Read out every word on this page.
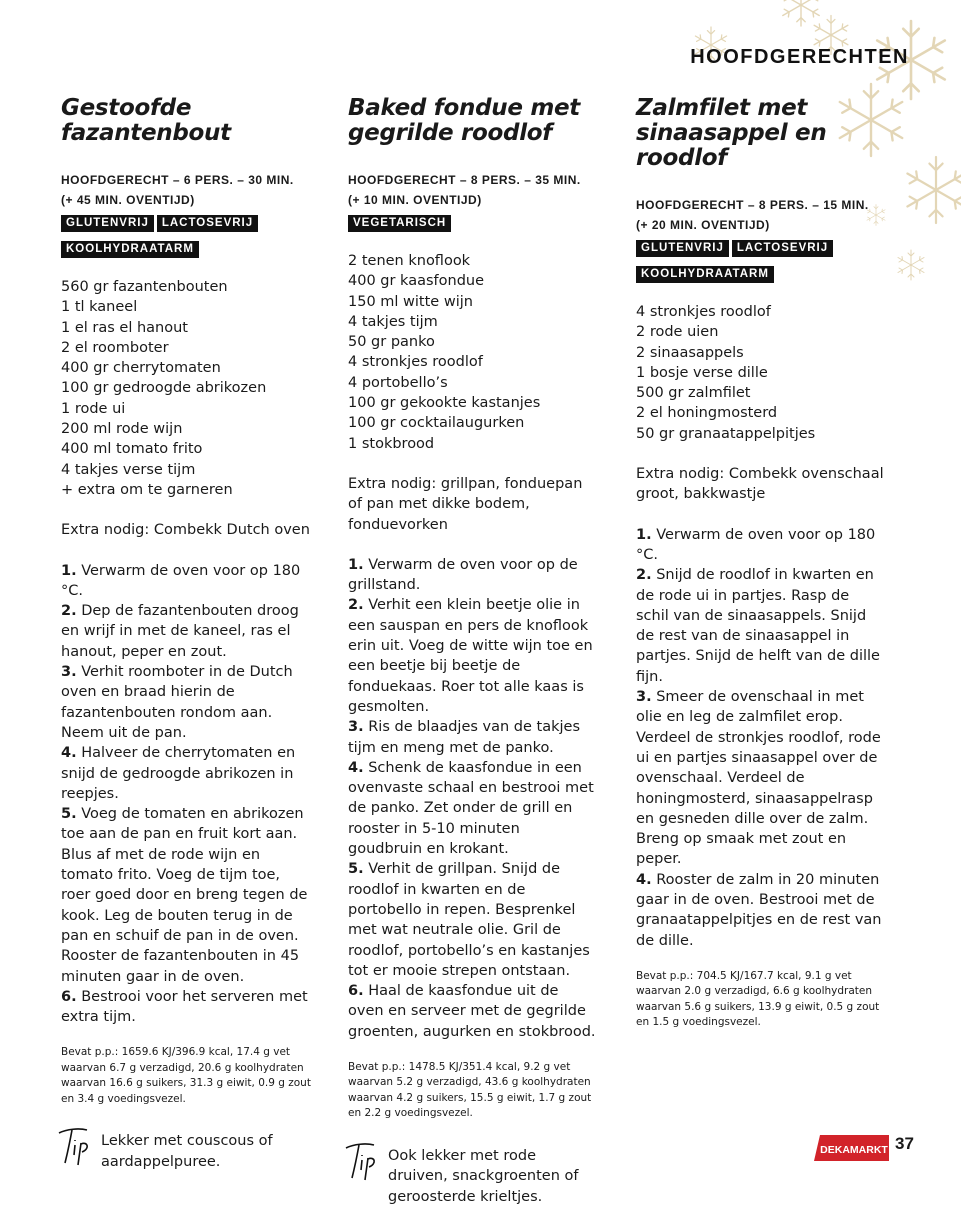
HOOFDGERECHTEN
Gestoofde fazantenbout
HOOFDGERECHT – 6 PERS. – 30 MIN.
(+ 45 MIN. OVENTIJD)
GLUTENVRIJ LACTOSEVRIJ
KOOLHYDRAATARM
560 gr fazantenbouten
1 tl kaneel
1 el ras el hanout
2 el roomboter
400 gr cherrytomaten
100 gr gedroogde abrikozen
1 rode ui
200 ml rode wijn
400 ml tomato frito
4 takjes verse tijm
+ extra om te garneren
Extra nodig: Combekk Dutch oven

1. Verwarm de oven voor op 180 °C.

2. Dep de fazantenbouten droog en wrijf in met de kaneel, ras el hanout, peper en zout.

3. Verhit roomboter in de Dutch oven en braad hierin de fazantenbouten rondom aan. Neem uit de pan.

4. Halveer de cherrytomaten en snijd de gedroogde abrikozen in reepjes.

5. Voeg de tomaten en abrikozen toe aan de pan en fruit kort aan. Blus af met de rode wijn en tomato frito. Voeg de tijm toe, roer goed door en breng tegen de kook. Leg de bouten terug in de pan en schuif de pan in de oven. Rooster de fazantenbouten in 45 minuten gaar in de oven.

6. Bestrooi voor het serveren met extra tijm.

Bevat p.p.: 1659.6 KJ/396.9 kcal, 17.4 g vet waarvan 6.7 g verzadigd, 20.6 g koolhydraten waarvan 16.6 g suikers, 31.3 g eiwit, 0.9 g zout en 3.4 g voedingsvezel.
Lekker met couscous of aardappelpuree.
Baked fondue met gegrilde roodlof
HOOFDGERECHT – 8 PERS. – 35 MIN.
(+ 10 MIN. OVENTIJD)
VEGETARISCH
2 tenen knoflook
400 gr kaasfondue
150 ml witte wijn
4 takjes tijm
50 gr panko
4 stronkjes roodlof
4 portobello’s
100 gr gekookte kastanjes
100 gr cocktailaugurken
1 stokbrood
Extra nodig: grillpan, fonduepan of pan met dikke bodem, fonduevorken

1. Verwarm de oven voor op de grillstand.

2. Verhit een klein beetje olie in een sauspan en pers de knoflook erin uit. Voeg de witte wijn toe en een beetje bij beetje de fonduekaas. Roer tot alle kaas is gesmolten.

3. Ris de blaadjes van de takjes tijm en meng met de panko.

4. Schenk de kaasfondue in een ovenvaste schaal en bestrooi met de panko. Zet onder de grill en rooster in 5-10 minuten goudbruin en krokant.

5. Verhit de grillpan. Snijd de roodlof in kwarten en de portobello in repen. Besprenkel met wat neutrale olie. Gril de roodlof, portobello’s en kastanjes tot er mooie strepen ontstaan.

6. Haal de kaasfondue uit de oven en serveer met de gegrilde groenten, augurken en stokbrood.

Bevat p.p.: 1478.5 KJ/351.4 kcal, 9.2 g vet waarvan 5.2 g verzadigd, 43.6 g koolhydraten waarvan 4.2 g suikers, 15.5 g eiwit, 1.7 g zout en 2.2 g voedingsvezel.
Ook lekker met rode druiven, snackgroenten of geroosterde krieltjes.
Zalmfilet met sinaasappel en roodlof
HOOFDGERECHT – 8 PERS. – 15 MIN.
(+ 20 MIN. OVENTIJD)
GLUTENVRIJ LACTOSEVRIJ
KOOLHYDRAATARM
4 stronkjes roodlof
2 rode uien
2 sinaasappels
1 bosje verse dille
500 gr zalmfilet
2 el honingmosterd
50 gr granaatappelpitjes
Extra nodig: Combekk ovenschaal groot, bakkwastje

1. Verwarm de oven voor op 180 °C.

2. Snijd de roodlof in kwarten en de rode ui in partjes. Rasp de schil van de sinaasappels. Snijd de rest van de sinaasappel in partjes. Snijd de helft van de dille fijn.

3. Smeer de ovenschaal in met olie en leg de zalmfilet erop. Verdeel de stronkjes roodlof, rode ui en partjes sinaasappel over de ovenschaal. Verdeel de honingmosterd, sinaasappelrasp en gesneden dille over de zalm. Breng op smaak met zout en peper.

4. Rooster de zalm in 20 minuten gaar in de oven. Bestrooi met de granaatappelpitjes en de rest van de dille.

Bevat p.p.: 704.5 KJ/167.7 kcal, 9.1 g vet waarvan 2.0 g verzadigd, 6.6 g koolhydraten waarvan 5.6 g suikers, 13.9 g eiwit, 0.5 g zout en 1.5 g voedingsvezel.
DEKAMARKT 37
